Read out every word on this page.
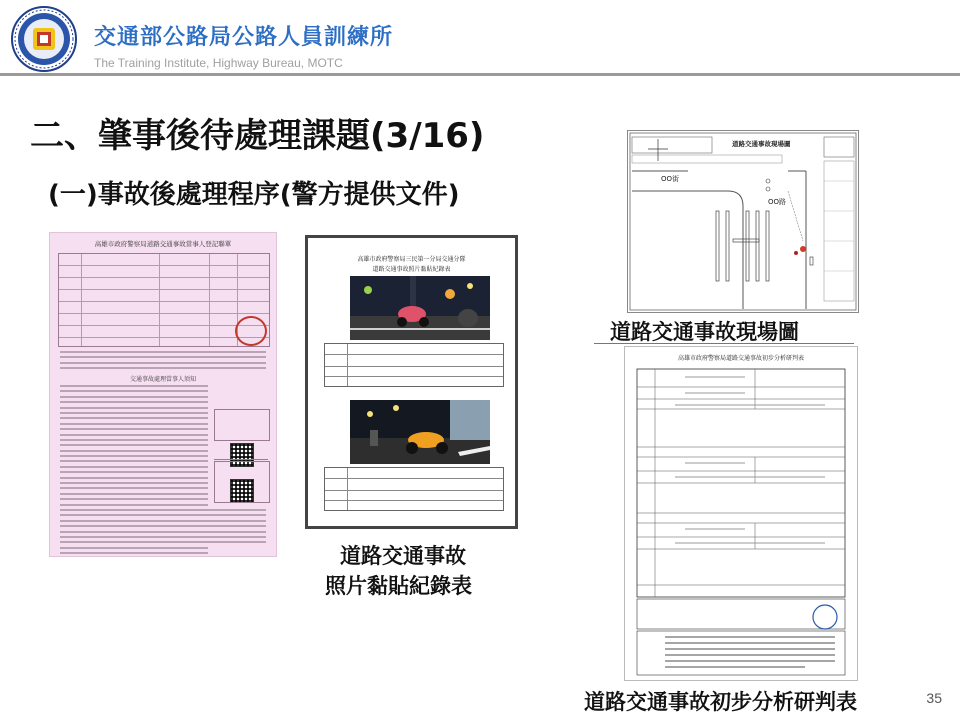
交通部公路局公路人員訓練所
The Training Institute, Highway Bureau, MOTC
二、肇事後待處理課題(3/16)
(一)事故後處理程序(警方提供文件)
高雄市政府警察局道路交通事故當事人登記聯單
交通事故處理當事人須知
高雄市政府警察局三民第一分局交通分隊
道路交通事故照片黏貼紀錄表
道路交通事故現場圖
OO街
OO路
高雄市政府警察局道路交通事故初步分析研判表
道路交通事故現場圖
道路交通事故
照片黏貼紀錄表
道路交通事故初步分析研判表	35
